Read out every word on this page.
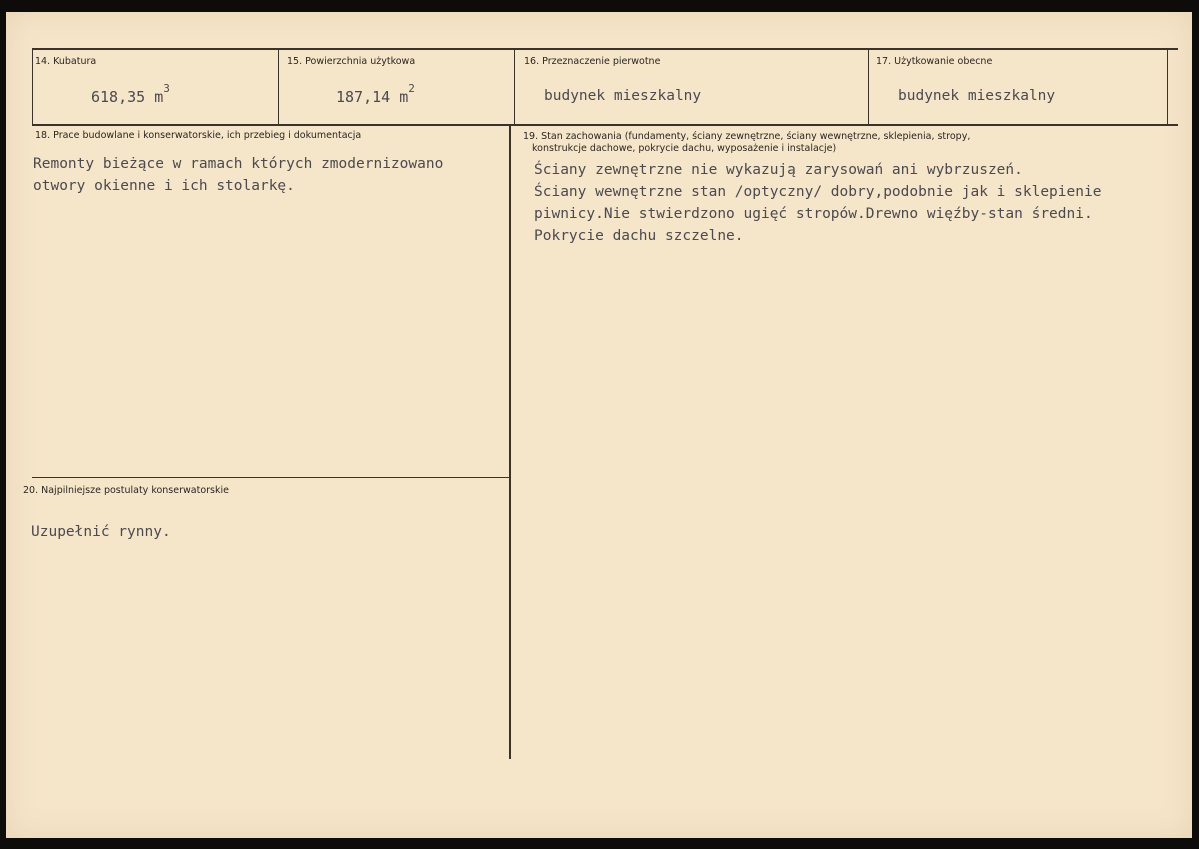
14. Kubatura
618,35 $m^3$
15. Powierzchnia użytkowa
187,14 $m^2$
16. Przeznaczenie pierwotne
budynek mieszkalny
17. Użytkowanie obecne
budynek mieszkalny
18. Prace budowlane i konserwatorskie, ich przebieg i dokumentacja
Remonty bieżące w ramach których zmodernizowano
otwory okienne i ich stolarkę.
19. Stan zachowania (fundamenty, ściany zewnętrzne, ściany wewnętrzne, sklepienia, stropy,
konstrukcje dachowe, pokrycie dachu, wyposażenie i instalacje)
Ściany zewnętrzne nie wykazują zarysowań ani wybrzuszeń.
Ściany wewnętrzne stan /optyczny/ dobry,podobnie jak i sklepienie
piwnicy.Nie stwierdzono ugięć stropów.Drewno więźby-stan średni.
Pokrycie dachu szczelne.
20. Najpilniejsze postulaty konserwatorskie
Uzupełnić rynny.
